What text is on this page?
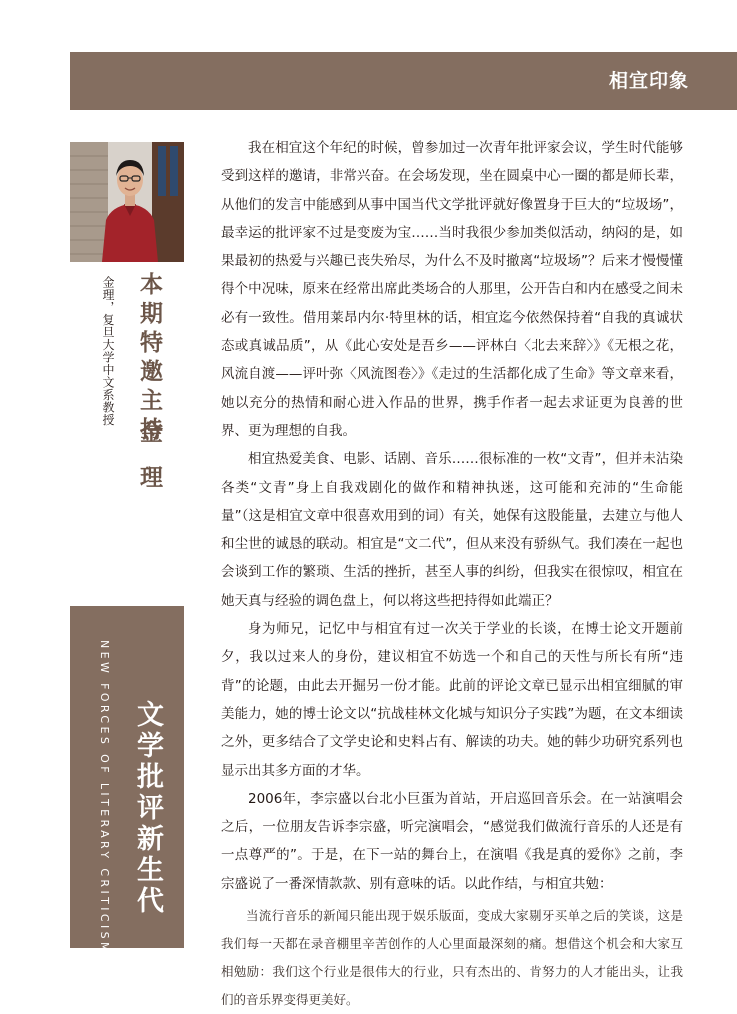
相宜印象
本期特邀主持
金理
金理，复旦大学中文系教授
NEW FORCES OF LITERARY CRITICISM 文学批评新生代

我在相宜这个年纪的时候，曾参加过一次青年批评家会议，学生时代能够受到这样的邀请，非常兴奋。在会场发现，坐在圆桌中心一圈的都是师长辈，从他们的发言中能感到从事中国当代文学批评就好像置身于巨大的“垃圾场”，最幸运的批评家不过是变废为宝……当时我很少参加类似活动，纳闷的是，如果最初的热爱与兴趣已丧失殆尽，为什么不及时撤离“垃圾场”？后来才慢慢懂得个中况味，原来在经常出席此类场合的人那里，公开告白和内在感受之间未必有一致性。借用莱昂内尔·特里林的话，相宜迄今依然保持着“自我的真诚状态或真诚品质”，从《此心安处是吾乡——评林白〈北去来辞〉》《无根之花，风流自渡——评叶弥〈风流图卷〉》《走过的生活都化成了生命》等文章来看，她以充分的热情和耐心进入作品的世界，携手作者一起去求证更为良善的世界、更为理想的自我。

相宜热爱美食、电影、话剧、音乐……很标准的一枚“文青”，但并未沾染各类“文青”身上自我戏剧化的做作和精神执迷，这可能和充沛的“生命能量”（这是相宜文章中很喜欢用到的词）有关，她保有这股能量，去建立与他人和尘世的诚恳的联动。相宜是“文二代”，但从来没有骄纵气。我们凑在一起也会谈到工作的繁琐、生活的挫折，甚至人事的纠纷，但我实在很惊叹，相宜在她天真与经验的调色盘上，何以将这些把持得如此端正？

身为师兄，记忆中与相宜有过一次关于学业的长谈，在博士论文开题前夕，我以过来人的身份，建议相宜不妨选一个和自己的天性与所长有所“违背”的论题，由此去开掘另一份才能。此前的评论文章已显示出相宜细腻的审美能力，她的博士论文以“抗战桂林文化城与知识分子实践”为题，在文本细读之外，更多结合了文学史论和史料占有、解读的功夫。她的韩少功研究系列也显示出其多方面的才华。

2006年，李宗盛以台北小巨蛋为首站，开启巡回音乐会。在一站演唱会之后，一位朋友告诉李宗盛，听完演唱会，“感觉我们做流行音乐的人还是有一点尊严的”。于是，在下一站的舞台上，在演唱《我是真的爱你》之前，李宗盛说了一番深情款款、别有意味的话。以此作结，与相宜共勉：

当流行音乐的新闻只能出现于娱乐版面，变成大家剔牙买单之后的笑谈，这是我们每一天都在录音棚里辛苦创作的人心里面最深刻的痛。想借这个机会和大家互相勉励：我们这个行业是很伟大的行业，只有杰出的、肯努力的人才能出头，让我们的音乐界变得更美好。
